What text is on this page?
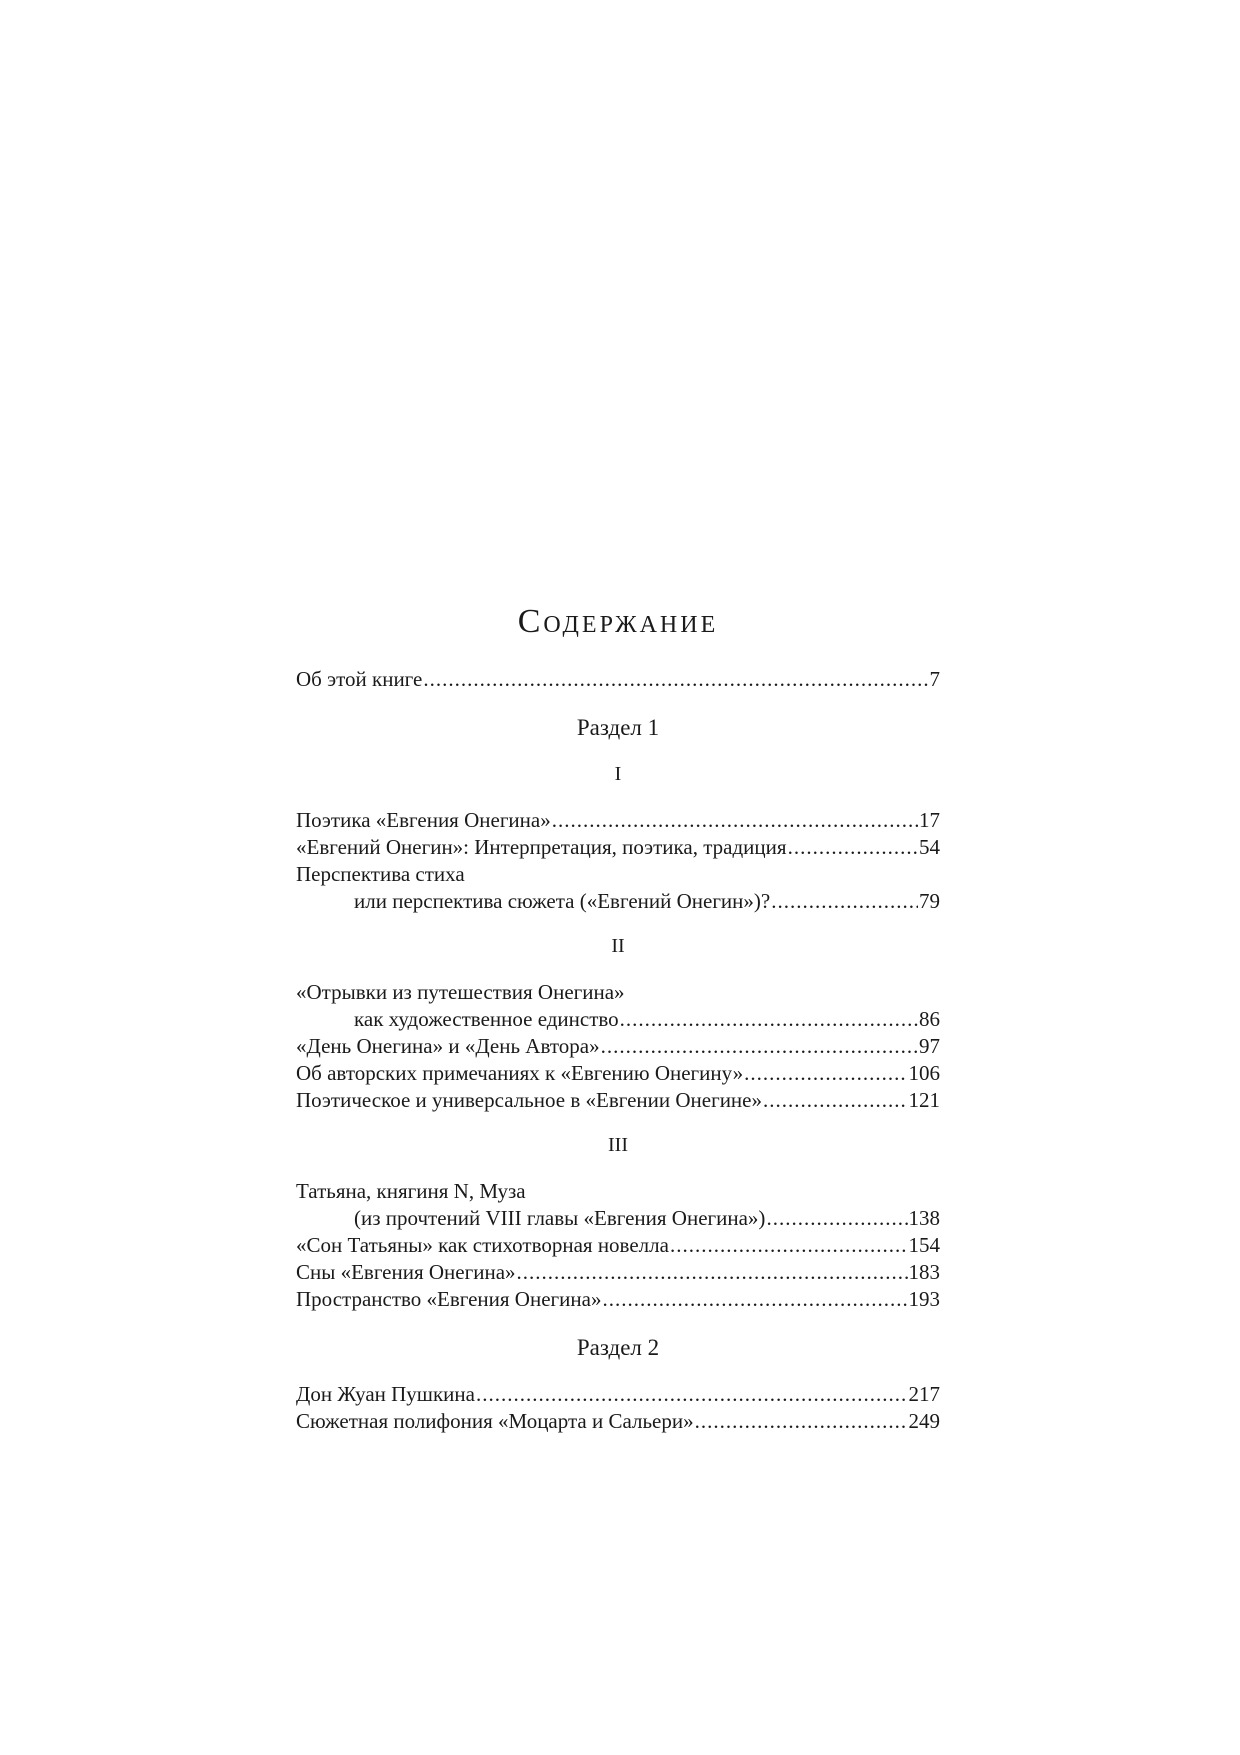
Содержание
Об этой книге .....	7
Раздел 1
I
Поэтика «Евгения Онегина» .....	17
«Евгений Онегин»: Интерпретация, поэтика, традиция .....	54
Перспектива стиха
или перспектива сюжета («Евгений Онегин»)? .....	79
II
«Отрывки из путешествия Онегина»
как художественное единство .....	86
«День Онегина» и «День Автора» .....	97
Об авторских примечаниях к «Евгению Онегину» .....	106
Поэтическое и универсальное в «Евгении Онегине» .....	121
III
Татьяна, княгиня N, Муза
(из прочтений VIII главы «Евгения Онегина») .....	138
«Сон Татьяны» как стихотворная новелла .....	154
Сны «Евгения Онегина» .....	183
Пространство «Евгения Онегина» .....	193
Раздел 2
Дон Жуан Пушкина .....	217
Сюжетная полифония «Моцарта и Сальери» .....	249
